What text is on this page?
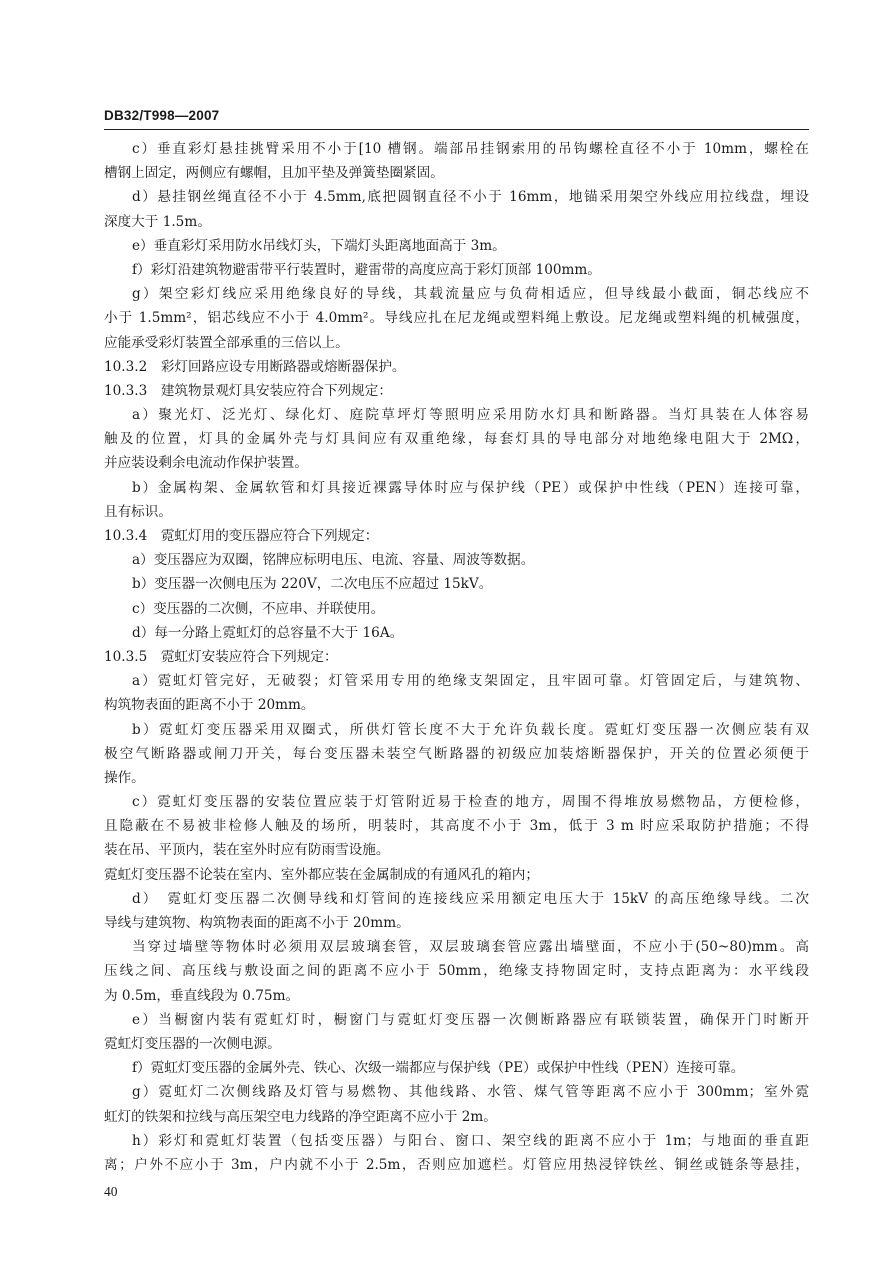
DB32/T998—2007
c）垂直彩灯悬挂挑臂采用不小于[10 槽钢。端部吊挂钢索用的吊钩螺栓直径不小于 10mm，螺栓在
槽钢上固定，两侧应有螺帽，且加平垫及弹簧垫圈紧固。
d）悬挂钢丝绳直径不小于 4.5mm,底把圆钢直径不小于 16mm，地锚采用架空外线应用拉线盘，埋设
深度大于 1.5m。
e）垂直彩灯采用防水吊线灯头，下端灯头距离地面高于 3m。
f）彩灯沿建筑物避雷带平行装置时，避雷带的高度应高于彩灯顶部 100mm。
g）架空彩灯线应采用绝缘良好的导线，其载流量应与负荷相适应，但导线最小截面，铜芯线应不
小于 1.5mm²，铝芯线应不小于 4.0mm²。导线应扎在尼龙绳或塑料绳上敷设。尼龙绳或塑料绳的机械强度，
应能承受彩灯装置全部承重的三倍以上。
10.3.2　彩灯回路应设专用断路器或熔断器保护。
10.3.3　建筑物景观灯具安装应符合下列规定：
a）聚光灯、泛光灯、绿化灯、庭院草坪灯等照明应采用防水灯具和断路器。当灯具装在人体容易
触及的位置，灯具的金属外壳与灯具间应有双重绝缘，每套灯具的导电部分对地绝缘电阻大于 2MΩ，
并应装设剩余电流动作保护装置。
b）金属构架、金属软管和灯具接近裸露导体时应与保护线（PE）或保护中性线（PEN）连接可靠，
且有标识。
10.3.4　霓虹灯用的变压器应符合下列规定：
a）变压器应为双圈，铭牌应标明电压、电流、容量、周波等数据。
b）变压器一次侧电压为 220V，二次电压不应超过 15kV。
c）变压器的二次侧，不应串、并联使用。
d）每一分路上霓虹灯的总容量不大于 16A。
10.3.5　霓虹灯安装应符合下列规定：
a）霓虹灯管完好，无破裂；灯管采用专用的绝缘支架固定，且牢固可靠。灯管固定后，与建筑物、
构筑物表面的距离不小于 20mm。
b）霓虹灯变压器采用双圈式，所供灯管长度不大于允许负载长度。霓虹灯变压器一次侧应装有双
极空气断路器或闸刀开关，每台变压器未装空气断路器的初级应加装熔断器保护，开关的位置必须便于
操作。
c）霓虹灯变压器的安装位置应装于灯管附近易于检查的地方，周围不得堆放易燃物品，方便检修，
且隐蔽在不易被非检修人触及的场所，明装时，其高度不小于 3m，低于 3 m 时应采取防护措施；不得
装在吊、平顶内，装在室外时应有防雨雪设施。
霓虹灯变压器不论装在室内、室外都应装在金属制成的有通风孔的箱内；
d）　霓虹灯变压器二次侧导线和灯管间的连接线应采用额定电压大于 15kV 的高压绝缘导线。二次
导线与建筑物、构筑物表面的距离不小于 20mm。
当穿过墙壁等物体时必须用双层玻璃套管，双层玻璃套管应露出墙壁面，不应小于(50~80)mm。高
压线之间、高压线与敷设面之间的距离不应小于 50mm，绝缘支持物固定时，支持点距离为：水平线段
为 0.5m，垂直线段为 0.75m。
e）当橱窗内装有霓虹灯时，橱窗门与霓虹灯变压器一次侧断路器应有联锁装置，确保开门时断开
霓虹灯变压器的一次侧电源。
f）霓虹灯变压器的金属外壳、铁心、次级一端都应与保护线（PE）或保护中性线（PEN）连接可靠。
g）霓虹灯二次侧线路及灯管与易燃物、其他线路、水管、煤气管等距离不应小于 300mm；室外霓
虹灯的铁架和拉线与高压架空电力线路的净空距离不应小于 2m。
h）彩灯和霓虹灯装置（包括变压器）与阳台、窗口、架空线的距离不应小于 1m；与地面的垂直距
离；户外不应小于 3m，户内就不小于 2.5m，否则应加遮栏。灯管应用热浸锌铁丝、铜丝或链条等悬挂，
40
